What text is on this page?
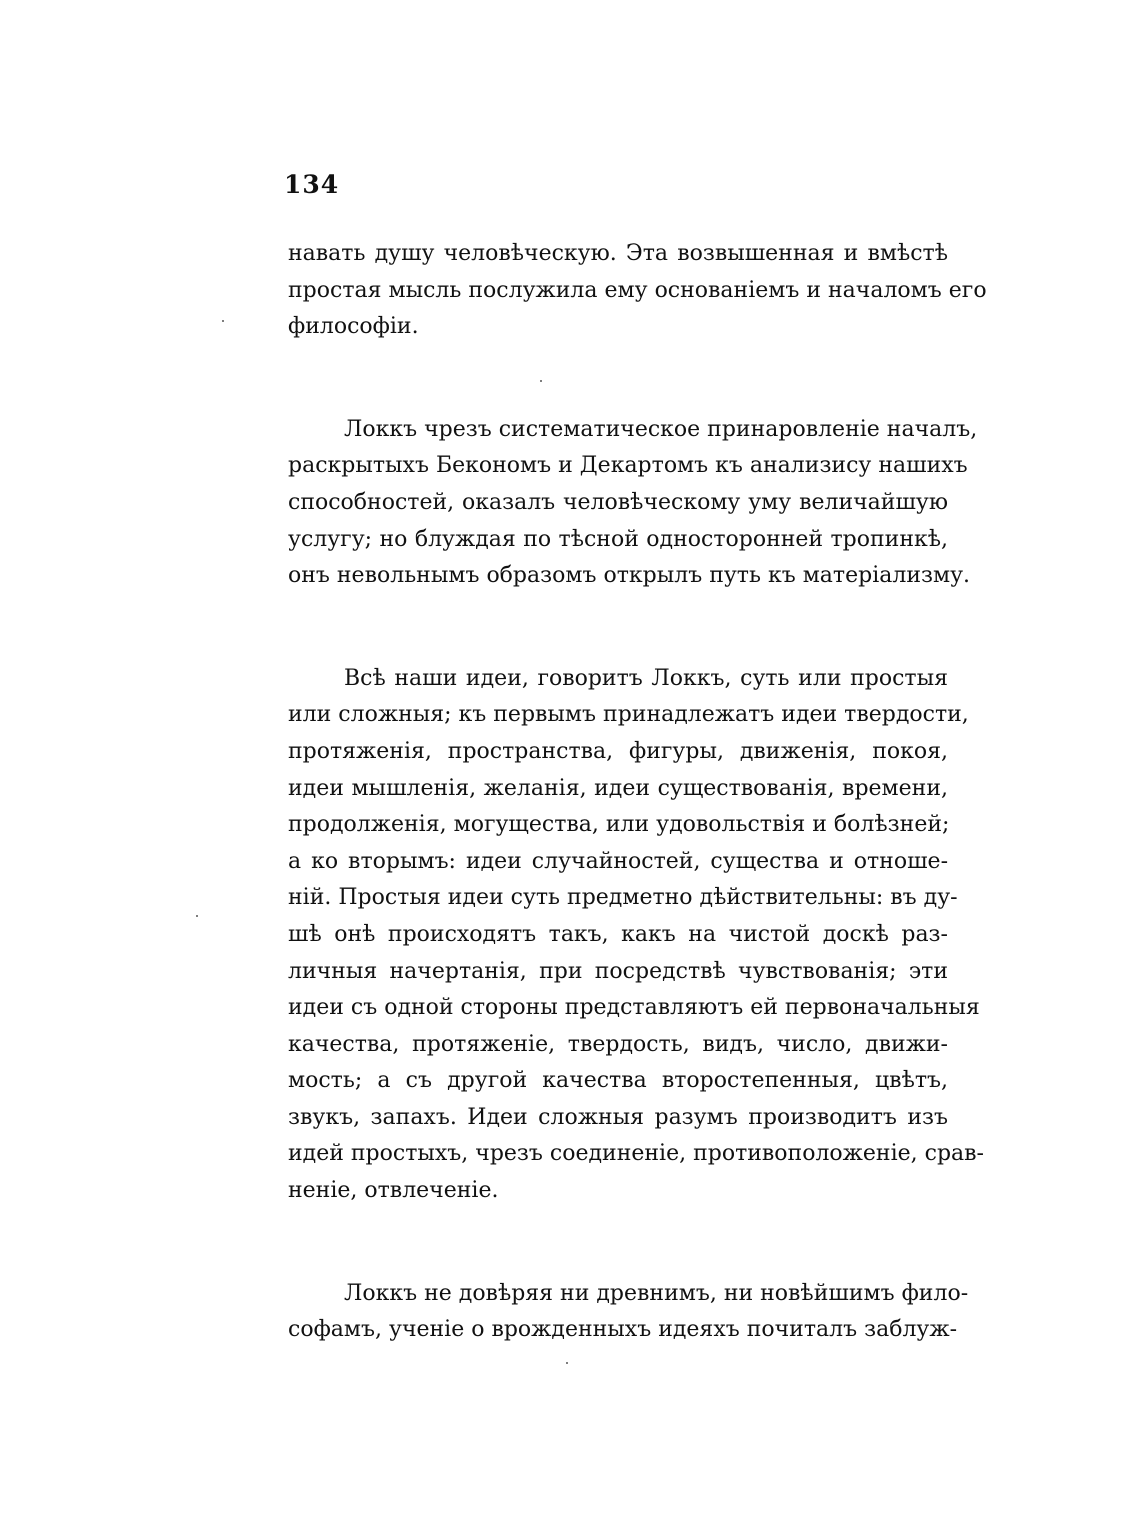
134
навать душу человѣческую. Эта возвышенная и вмѣстѣ
простая мысль послужила ему основаніемъ и началомъ его
философіи.
Локкъ чрезъ систематическое принаровленіе началъ,
раскрытыхъ Бекономъ и Декартомъ къ анализису нашихъ
способностей, оказалъ человѣческому уму величайшую
услугу; но блуждая по тѣсной односторонней тропинкѣ,
онъ невольнымъ образомъ открылъ путь къ матеріализму.
Всѣ наши идеи, говоритъ Локкъ, суть или простыя
или сложныя; къ первымъ принадлежатъ идеи твердости,
протяженія, пространства, фигуры, движенія, покоя,
идеи мышленія, желанія, идеи существованія, времени,
продолженія, могущества, или удовольствія и болѣзней;
а ко вторымъ: идеи случайностей, существа и отноше-
ній. Простыя идеи суть предметно дѣйствительны: въ ду-
шѣ онѣ происходятъ такъ, какъ на чистой доскѣ раз-
личныя начертанія, при посредствѣ чувствованія; эти
идеи съ одной стороны представляютъ ей первоначальныя
качества, протяженіе, твердость, видъ, число, движи-
мость; а съ другой качества второстепенныя, цвѣтъ,
звукъ, запахъ. Идеи сложныя разумъ производитъ изъ
идей простыхъ, чрезъ соединеніе, противоположеніе, срав-
неніе, отвлеченіе.
Локкъ не довѣряя ни древнимъ, ни новѣйшимъ фило-
софамъ, ученіе о врожденныхъ идеяхъ почиталъ заблуж-
